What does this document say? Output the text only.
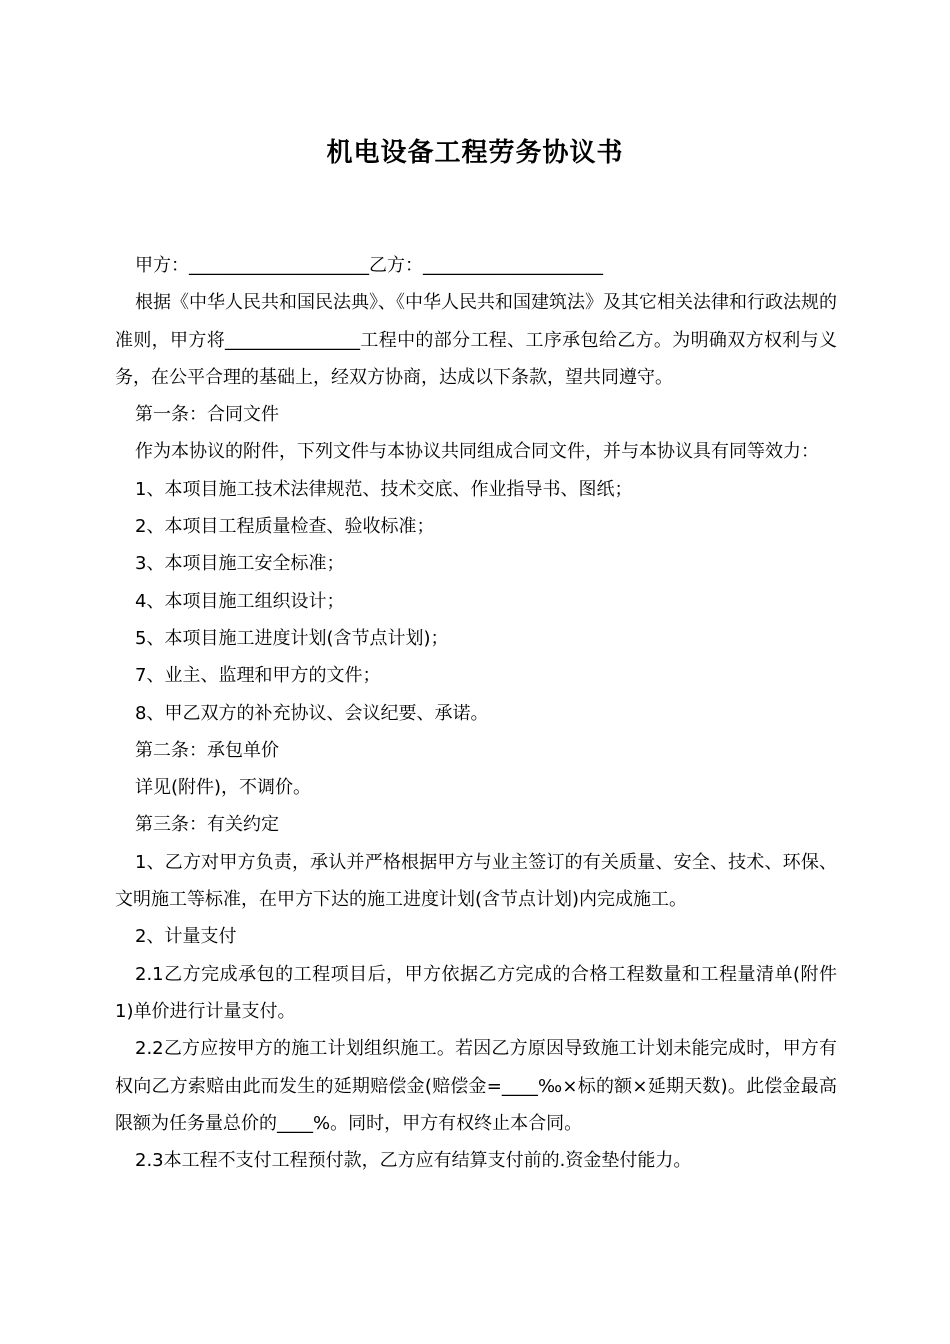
机电设备工程劳务协议书

甲方：____________________乙方：____________________

根据《中华人民共和国民法典》、《中华人民共和国建筑法》及其它相关法律和行政法规的准则，甲方将_______________工程中的部分工程、工序承包给乙方。为明确双方权利与义务，在公平合理的基础上，经双方协商，达成以下条款，望共同遵守。

第一条：合同文件

作为本协议的附件，下列文件与本协议共同组成合同文件，并与本协议具有同等效力：

1、本项目施工技术法律规范、技术交底、作业指导书、图纸；

2、本项目工程质量检查、验收标准；

3、本项目施工安全标准；

4、本项目施工组织设计；

5、本项目施工进度计划(含节点计划)；

7、业主、监理和甲方的文件；

8、甲乙双方的补充协议、会议纪要、承诺。

第二条：承包单价

详见(附件)，不调价。

第三条：有关约定

1、乙方对甲方负责，承认并严格根据甲方与业主签订的有关质量、安全、技术、环保、文明施工等标准，在甲方下达的施工进度计划(含节点计划)内完成施工。

2、计量支付

2.1乙方完成承包的工程项目后，甲方依据乙方完成的合格工程数量和工程量清单(附件1)单价进行计量支付。

2.2乙方应按甲方的施工计划组织施工。若因乙方原因导致施工计划未能完成时，甲方有权向乙方索赔由此而发生的延期赔偿金(赔偿金=____‰×标的额×延期天数)。此偿金最高限额为任务量总价的____%。同时，甲方有权终止本合同。

2.3本工程不支付工程预付款，乙方应有结算支付前的.资金垫付能力。
